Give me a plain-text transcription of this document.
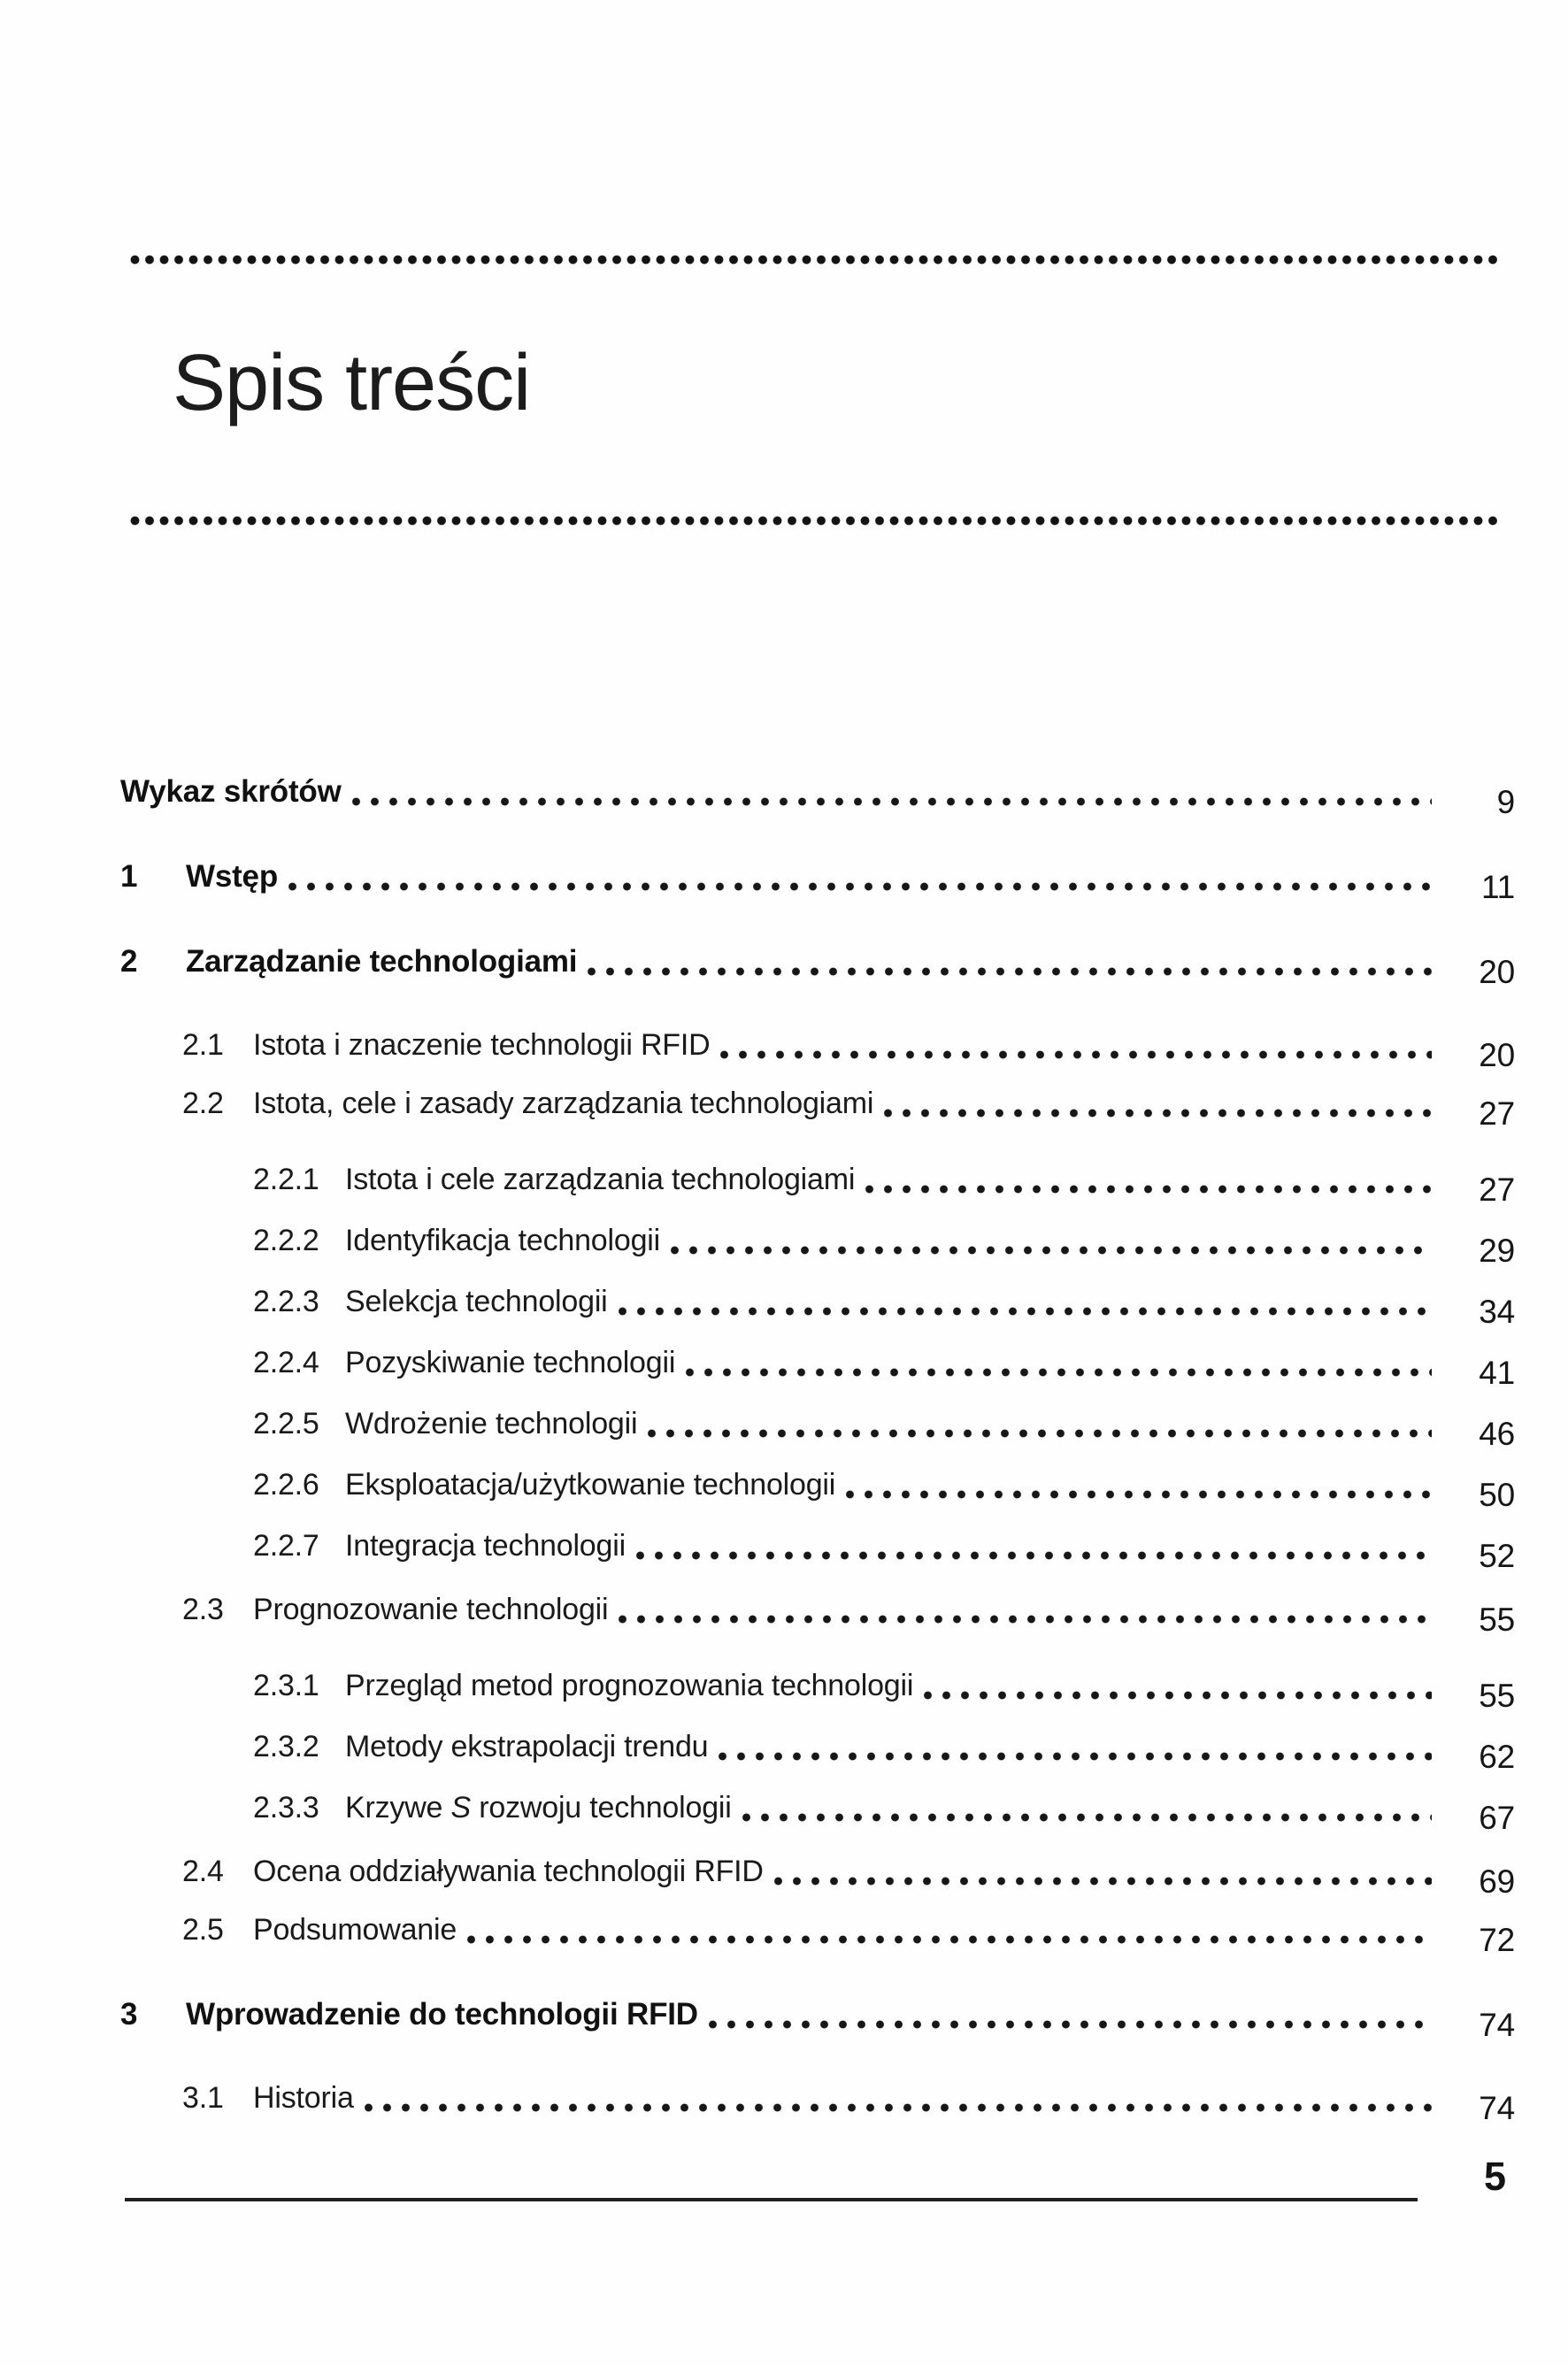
Spis treści
Wykaz skrótów	9
1	Wstęp	11
2	Zarządzanie technologiami	20
2.1 Istota i znaczenie technologii RFID	20
2.2 Istota, cele i zasady zarządzania technologiami	27
2.2.1 Istota i cele zarządzania technologiami	27
2.2.2 Identyfikacja technologii	29
2.2.3 Selekcja technologii	34
2.2.4 Pozyskiwanie technologii	41
2.2.5 Wdrożenie technologii	46
2.2.6 Eksploatacja/użytkowanie technologii	50
2.2.7 Integracja technologii	52
2.3 Prognozowanie technologii	55
2.3.1 Przegląd metod prognozowania technologii	55
2.3.2 Metody ekstrapolacji trendu	62
2.3.3 Krzywe S rozwoju technologii	67
2.4 Ocena oddziaływania technologii RFID	69
2.5 Podsumowanie	72
3	Wprowadzenie do technologii RFID	74
3.1 Historia	74
5
